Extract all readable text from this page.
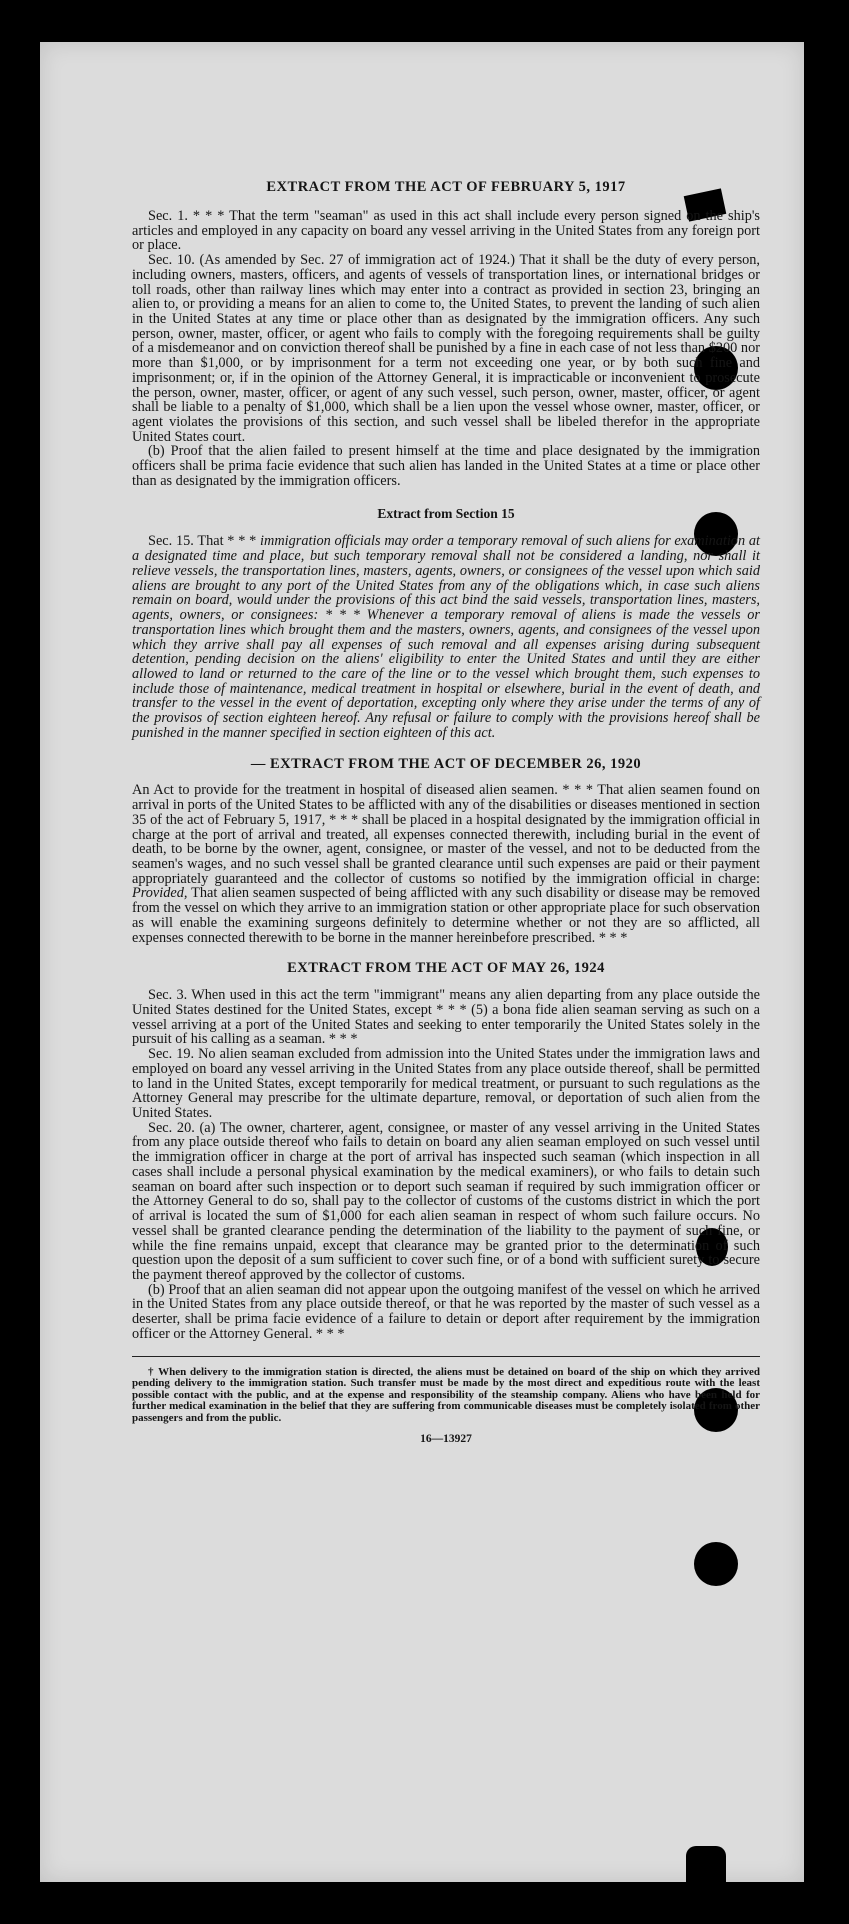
EXTRACT FROM THE ACT OF FEBRUARY 5, 1917

Sec. 1. * * * That the term "seaman" as used in this act shall include every person signed on the ship's articles and employed in any capacity on board any vessel arriving in the United States from any foreign port or place.

Sec. 10. (As amended by Sec. 27 of immigration act of 1924.) That it shall be the duty of every person, including owners, masters, officers, and agents of vessels of transportation lines, or international bridges or toll roads, other than railway lines which may enter into a contract as provided in section 23, bringing an alien to, or providing a means for an alien to come to, the United States, to prevent the landing of such alien in the United States at any time or place other than as designated by the immigration officers. Any such person, owner, master, officer, or agent who fails to comply with the foregoing requirements shall be guilty of a misdemeanor and on conviction thereof shall be punished by a fine in each case of not less than $200 nor more than $1,000, or by imprisonment for a term not exceeding one year, or by both such fine and imprisonment; or, if in the opinion of the Attorney General, it is impracticable or inconvenient to prosecute the person, owner, master, officer, or agent of any such vessel, such person, owner, master, officer, or agent shall be liable to a penalty of $1,000, which shall be a lien upon the vessel whose owner, master, officer, or agent violates the provisions of this section, and such vessel shall be libeled therefor in the appropriate United States court.

(b) Proof that the alien failed to present himself at the time and place designated by the immigration officers shall be prima facie evidence that such alien has landed in the United States at a time or place other than as designated by the immigration officers.

Extract from Section 15

Sec. 15. That * * * immigration officials may order a temporary removal of such aliens for examination at a designated time and place, but such temporary removal shall not be considered a landing, nor shall it relieve vessels, the transportation lines, masters, agents, owners, or consignees of the vessel upon which said aliens are brought to any port of the United States from any of the obligations which, in case such aliens remain on board, would under the provisions of this act bind the said vessels, transportation lines, masters, agents, owners, or consignees: * * * Whenever a temporary removal of aliens is made the vessels or transportation lines which brought them and the masters, owners, agents, and consignees of the vessel upon which they arrive shall pay all expenses of such removal and all expenses arising during subsequent detention, pending decision on the aliens' eligibility to enter the United States and until they are either allowed to land or returned to the care of the line or to the vessel which brought them, such expenses to include those of maintenance, medical treatment in hospital or elsewhere, burial in the event of death, and transfer to the vessel in the event of deportation, excepting only where they arise under the terms of any of the provisos of section eighteen hereof. Any refusal or failure to comply with the provisions hereof shall be punished in the manner specified in section eighteen of this act.

— EXTRACT FROM THE ACT OF DECEMBER 26, 1920

An Act to provide for the treatment in hospital of diseased alien seamen. * * * That alien seamen found on arrival in ports of the United States to be afflicted with any of the disabilities or diseases mentioned in section 35 of the act of February 5, 1917, * * * shall be placed in a hospital designated by the immigration official in charge at the port of arrival and treated, all expenses connected therewith, including burial in the event of death, to be borne by the owner, agent, consignee, or master of the vessel, and not to be deducted from the seamen's wages, and no such vessel shall be granted clearance until such expenses are paid or their payment appropriately guaranteed and the collector of customs so notified by the immigration official in charge: Provided, That alien seamen suspected of being afflicted with any such disability or disease may be removed from the vessel on which they arrive to an immigration station or other appropriate place for such observation as will enable the examining surgeons definitely to determine whether or not they are so afflicted, all expenses connected therewith to be borne in the manner hereinbefore prescribed. * * *

EXTRACT FROM THE ACT OF MAY 26, 1924

Sec. 3. When used in this act the term "immigrant" means any alien departing from any place outside the United States destined for the United States, except * * * (5) a bona fide alien seaman serving as such on a vessel arriving at a port of the United States and seeking to enter temporarily the United States solely in the pursuit of his calling as a seaman. * * *

Sec. 19. No alien seaman excluded from admission into the United States under the immigration laws and employed on board any vessel arriving in the United States from any place outside thereof, shall be permitted to land in the United States, except temporarily for medical treatment, or pursuant to such regulations as the Attorney General may prescribe for the ultimate departure, removal, or deportation of such alien from the United States.

Sec. 20. (a) The owner, charterer, agent, consignee, or master of any vessel arriving in the United States from any place outside thereof who fails to detain on board any alien seaman employed on such vessel until the immigration officer in charge at the port of arrival has inspected such seaman (which inspection in all cases shall include a personal physical examination by the medical examiners), or who fails to detain such seaman on board after such inspection or to deport such seaman if required by such immigration officer or the Attorney General to do so, shall pay to the collector of customs of the customs district in which the port of arrival is located the sum of $1,000 for each alien seaman in respect of whom such failure occurs. No vessel shall be granted clearance pending the determination of the liability to the payment of such fine, or while the fine remains unpaid, except that clearance may be granted prior to the determination of such question upon the deposit of a sum sufficient to cover such fine, or of a bond with sufficient surety to secure the payment thereof approved by the collector of customs.

(b) Proof that an alien seaman did not appear upon the outgoing manifest of the vessel on which he arrived in the United States from any place outside thereof, or that he was reported by the master of such vessel as a deserter, shall be prima facie evidence of a failure to detain or deport after requirement by the immigration officer or the Attorney General. * * *

† When delivery to the immigration station is directed, the aliens must be detained on board of the ship on which they arrived pending delivery to the immigration station. Such transfer must be made by the most direct and expeditious route with the least possible contact with the public, and at the expense and responsibility of the steamship company. Aliens who have been held for further medical examination in the belief that they are suffering from communicable diseases must be completely isolated from other passengers and from the public.

16—13927
